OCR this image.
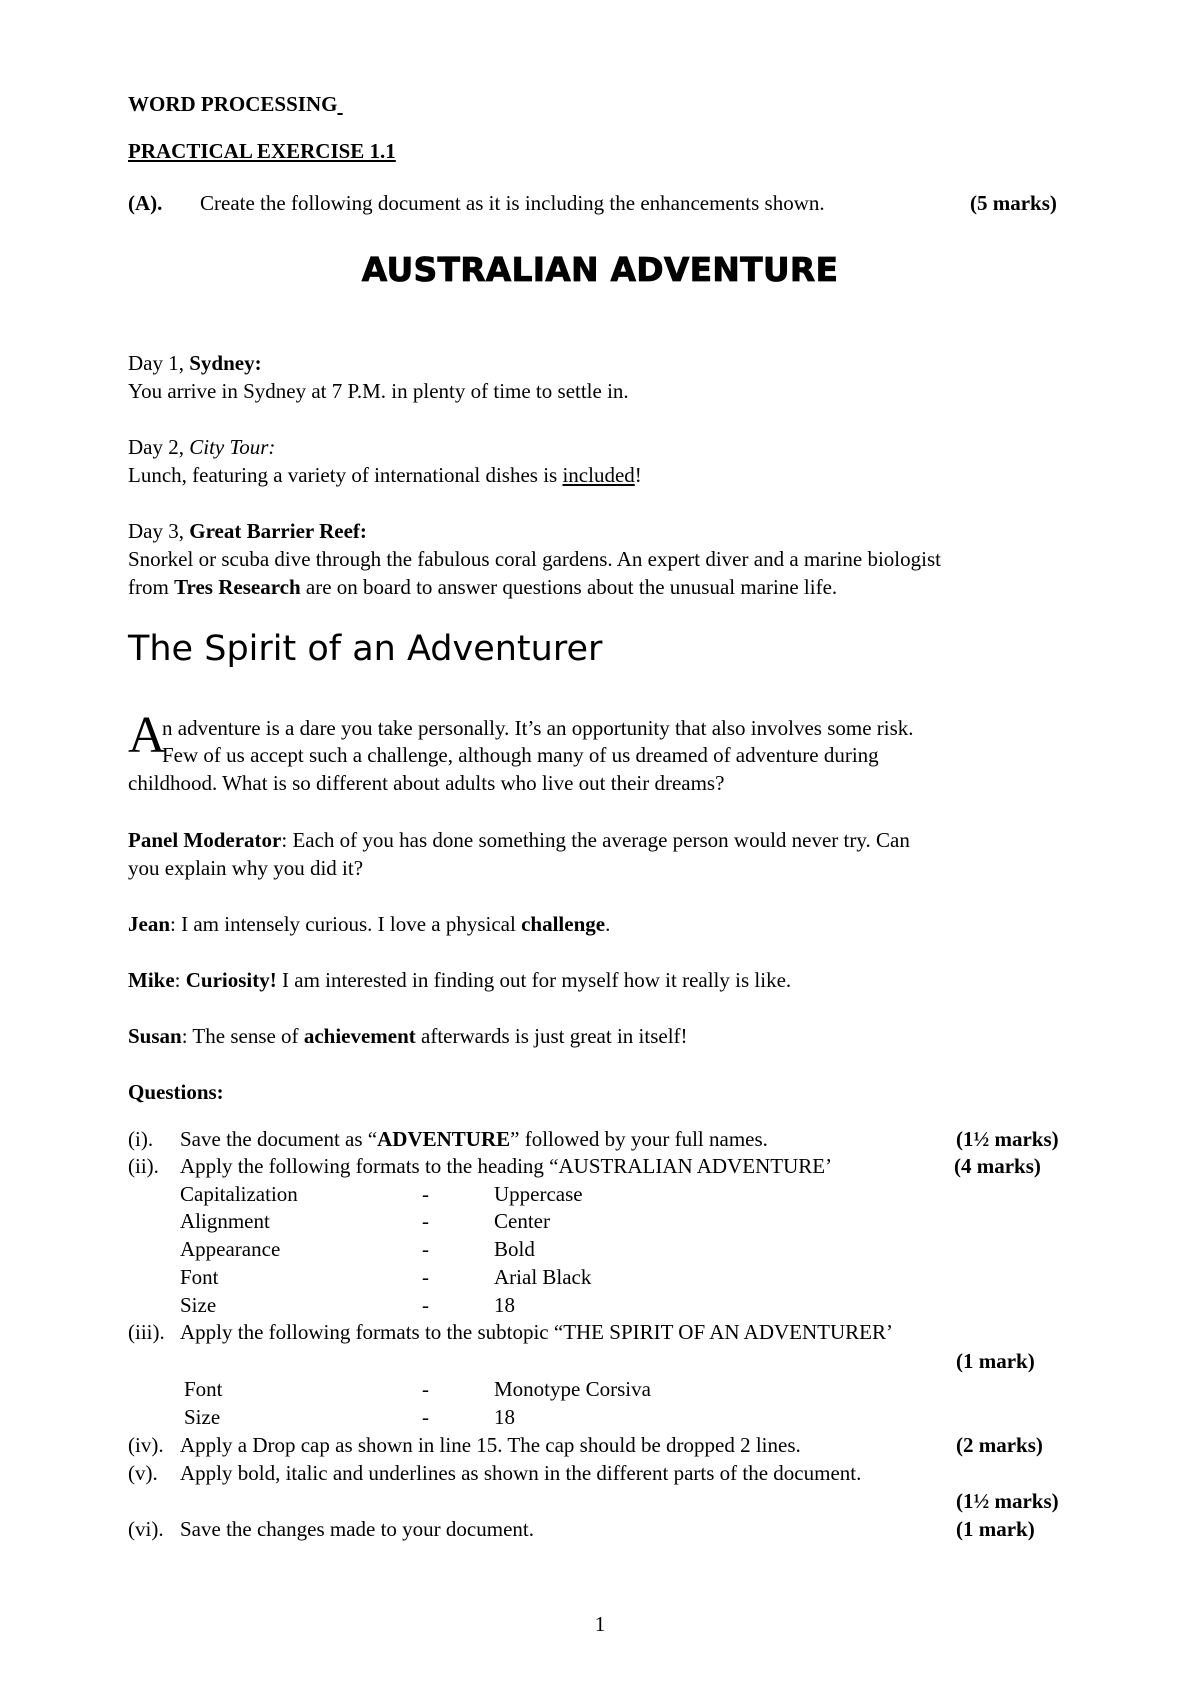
WORD PROCESSING
PRACTICAL EXERCISE 1.1
(A). Create the following document as it is including the enhancements shown.	(5 marks)
AUSTRALIAN ADVENTURE
Day 1, Sydney:
You arrive in Sydney at 7 P.M. in plenty of time to settle in.
Day 2, City Tour:
Lunch, featuring a variety of international dishes is included!
Day 3, Great Barrier Reef:
Snorkel or scuba dive through the fabulous coral gardens. An expert diver and a marine biologist
from Tres Research are on board to answer questions about the unusual marine life.
The Spirit of an Adventurer
A
n adventure is a dare you take personally. It’s an opportunity that also involves some risk.
Few of us accept such a challenge, although many of us dreamed of adventure during
childhood. What is so different about adults who live out their dreams?
Panel Moderator: Each of you has done something the average person would never try. Can
you explain why you did it?
Jean: I am intensely curious. I love a physical challenge.
Mike: Curiosity! I am interested in finding out for myself how it really is like.
Susan: The sense of achievement afterwards is just great in itself!
Questions:
(i). Save the document as “ADVENTURE” followed by your full names.	(1½ marks)
(ii). Apply the following formats to the heading “AUSTRALIAN ADVENTURE’	(4 marks)
Capitalization	-	Uppercase
Alignment	-	Center
Appearance	-	Bold
Font	-	Arial Black
Size	-	18
(iii). Apply the following formats to the subtopic “THE SPIRIT OF AN ADVENTURER’
(1 mark)
Font	-	Monotype Corsiva
Size	-	18
(iv). Apply a Drop cap as shown in line 15. The cap should be dropped 2 lines.	(2 marks)
(v). Apply bold, italic and underlines as shown in the different parts of the document.
(1½ marks)
(vi). Save the changes made to your document.	(1 mark)
1
